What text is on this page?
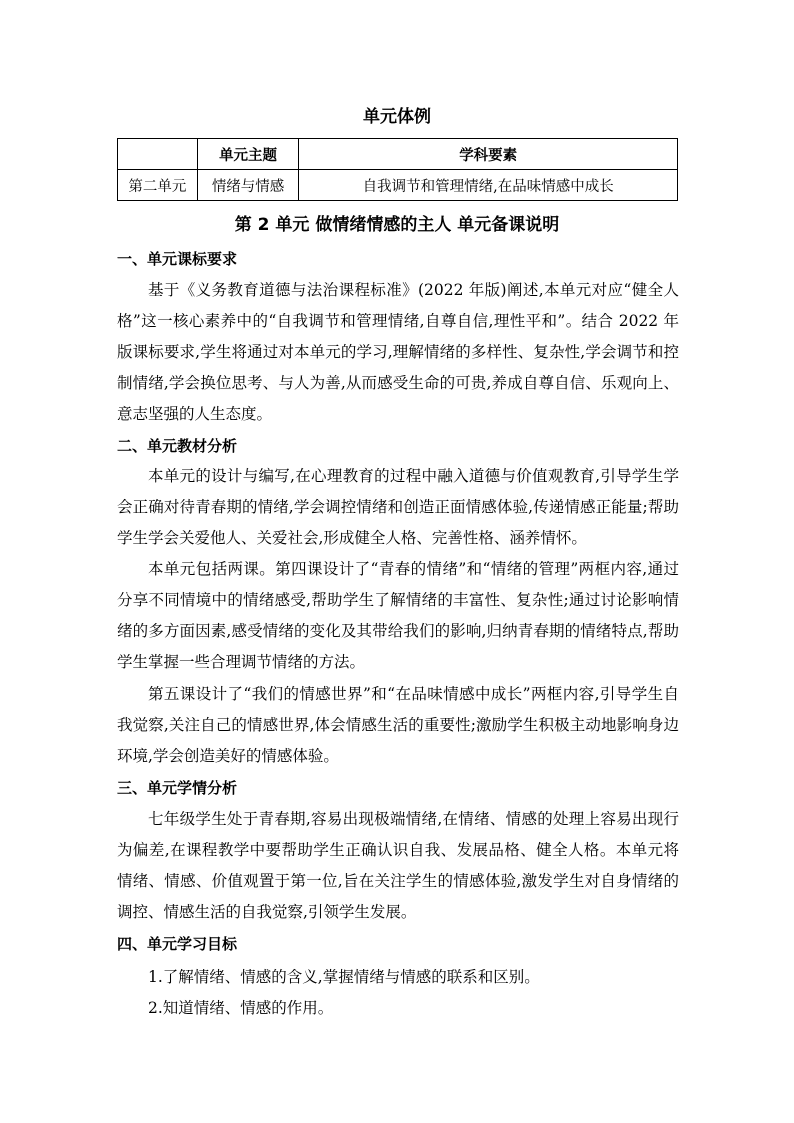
单元体例
	单元主题	学科要素
第二单元	情绪与情感	自我调节和管理情绪,在品味情感中成长
第 2 单元 做情绪情感的主人 单元备课说明
一、单元课标要求

基于《义务教育道德与法治课程标准》(2022 年版)阐述,本单元对应“健全人格”这一核心素养中的“自我调节和管理情绪,自尊自信,理性平和”。结合 2022 年版课标要求,学生将通过对本单元的学习,理解情绪的多样性、复杂性,学会调节和控制情绪,学会换位思考、与人为善,从而感受生命的可贵,养成自尊自信、乐观向上、意志坚强的人生态度。

二、单元教材分析

本单元的设计与编写,在心理教育的过程中融入道德与价值观教育,引导学生学会正确对待青春期的情绪,学会调控情绪和创造正面情感体验,传递情感正能量;帮助学生学会关爱他人、关爱社会,形成健全人格、完善性格、涵养情怀。

本单元包括两课。第四课设计了“青春的情绪”和“情绪的管理”两框内容,通过分享不同情境中的情绪感受,帮助学生了解情绪的丰富性、复杂性;通过讨论影响情绪的多方面因素,感受情绪的变化及其带给我们的影响,归纳青春期的情绪特点,帮助学生掌握一些合理调节情绪的方法。

第五课设计了“我们的情感世界”和“在品味情感中成长”两框内容,引导学生自我觉察,关注自己的情感世界,体会情感生活的重要性;激励学生积极主动地影响身边环境,学会创造美好的情感体验。

三、单元学情分析

七年级学生处于青春期,容易出现极端情绪,在情绪、情感的处理上容易出现行为偏差,在课程教学中要帮助学生正确认识自我、发展品格、健全人格。本单元将情绪、情感、价值观置于第一位,旨在关注学生的情感体验,激发学生对自身情绪的调控、情感生活的自我觉察,引领学生发展。

四、单元学习目标

1.了解情绪、情感的含义,掌握情绪与情感的联系和区别。

2.知道情绪、情感的作用。
